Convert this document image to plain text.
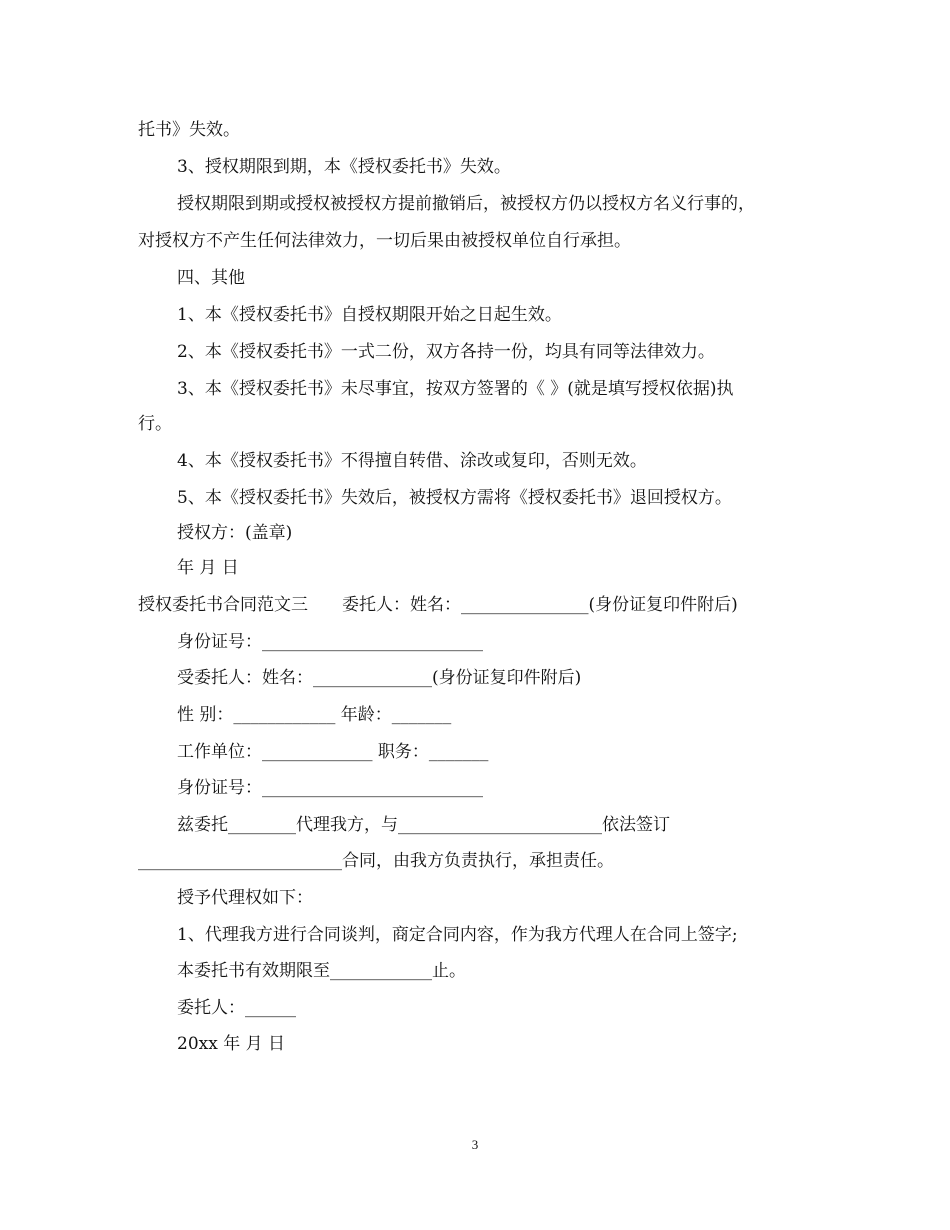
托书》失效。
3、授权期限到期，本《授权委托书》失效。
授权期限到期或授权被授权方提前撤销后，被授权方仍以授权方名义行事的，
对授权方不产生任何法律效力，一切后果由被授权单位自行承担。
四、其他
1、本《授权委托书》自授权期限开始之日起生效。
2、本《授权委托书》一式二份，双方各持一份，均具有同等法律效力。
3、本《授权委托书》未尽事宜，按双方签署的《 》(就是填写授权依据)执
行。
4、本《授权委托书》不得擅自转借、涂改或复印，否则无效。
5、本《授权委托书》失效后，被授权方需将《授权委托书》退回授权方。
授权方：(盖章)
年 月 日
授权委托书合同范文三　　委托人：姓名：_______________(身份证复印件附后)
身份证号：__________________________
受委托人：姓名：______________(身份证复印件附后)
性 别：____________ 年龄：_______
工作单位：_____________ 职务：_______
身份证号：__________________________
兹委托________代理我方，与________________________依法签订
________________________合同，由我方负责执行，承担责任。
授予代理权如下：
1、代理我方进行合同谈判，商定合同内容，作为我方代理人在合同上签字;
本委托书有效期限至____________止。
委托人：______
20xx 年 月 日
3
